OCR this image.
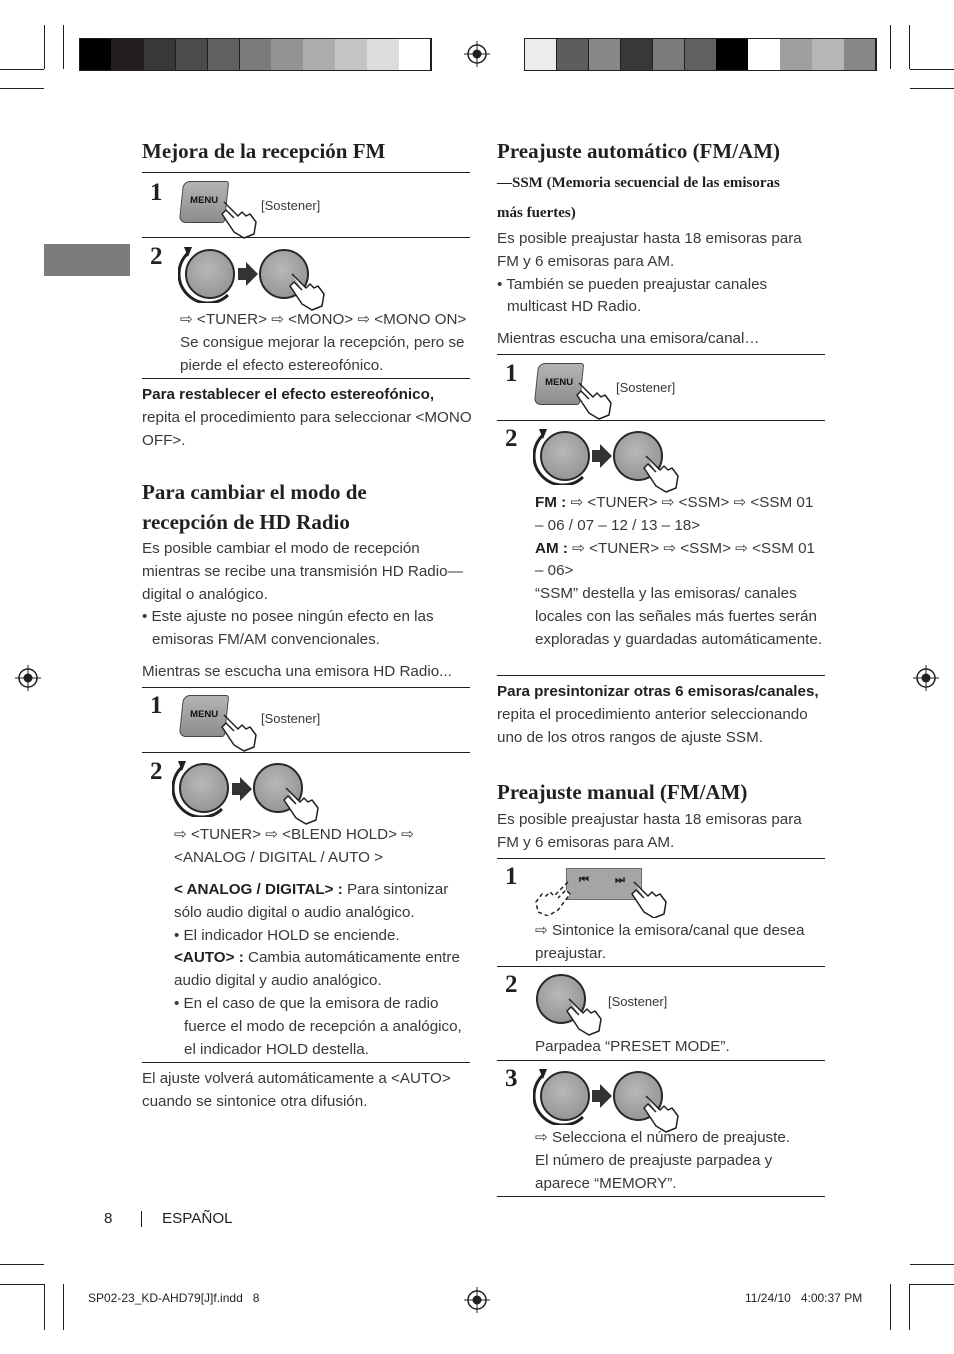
Mejora de la recepción FM
1	MENU	[Sostener]
2
⇨ <TUNER> ⇨ <MONO> ⇨ <MONO ON>
Se consigue mejorar la recepción, pero se pierde el efecto estereofónico.
Para restablecer el efecto estereofónico,
repita el procedimiento para seleccionar <MONO OFF>.
Para cambiar el modo de
recepción de HD Radio
Es posible cambiar el modo de recepción mientras se recibe una transmisión HD Radio—digital o analógico.
• Este ajuste no posee ningún efecto en las emisoras FM/AM convencionales.
Mientras se escucha una emisora HD Radio...
1	MENU	[Sostener]
2
⇨ <TUNER> ⇨ <BLEND HOLD> ⇨ <ANALOG / DIGITAL / AUTO >
< ANALOG / DIGITAL> : Para sintonizar sólo audio digital o audio analógico.
• El indicador HOLD se enciende.
<AUTO> : Cambia automáticamente entre audio digital y audio analógico.
• En el caso de que la emisora de radio fuerce el modo de recepción a analógico, el indicador HOLD destella.
El ajuste volverá automáticamente a <AUTO> cuando se sintonice otra difusión.
Preajuste automático (FM/AM)
—SSM (Memoria secuencial de las emisoras
más fuertes)
Es posible preajustar hasta 18 emisoras para FM y 6 emisoras para AM.
• También se pueden preajustar canales multicast HD Radio.
Mientras escucha una emisora/canal…
1	MENU	[Sostener]
2
FM : ⇨ <TUNER> ⇨ <SSM> ⇨ <SSM 01 – 06 / 07 – 12 / 13 – 18>
AM : ⇨ <TUNER> ⇨ <SSM> ⇨ <SSM 01 – 06>
“SSM” destella y las emisoras/ canales locales con las señales más fuertes serán exploradas y guardadas automáticamente.
Para presintonizar otras 6 emisoras/canales,
repita el procedimiento anterior seleccionando uno de los otros rangos de ajuste SSM.
Preajuste manual (FM/AM)
Es posible preajustar hasta 18 emisoras para FM y 6 emisoras para AM.
1	⏮ ⏭
⇨ Sintonice la emisora/canal que desea preajustar.
2
[Sostener]
Parpadea “PRESET MODE”.
3
⇨ Selecciona el número de preajuste.
El número de preajuste parpadea y aparece “MEMORY”.
8	ESPAÑOL
SP02-23_KD-AHD79[J]f.indd   8	11/24/10   4:00:37 PM
